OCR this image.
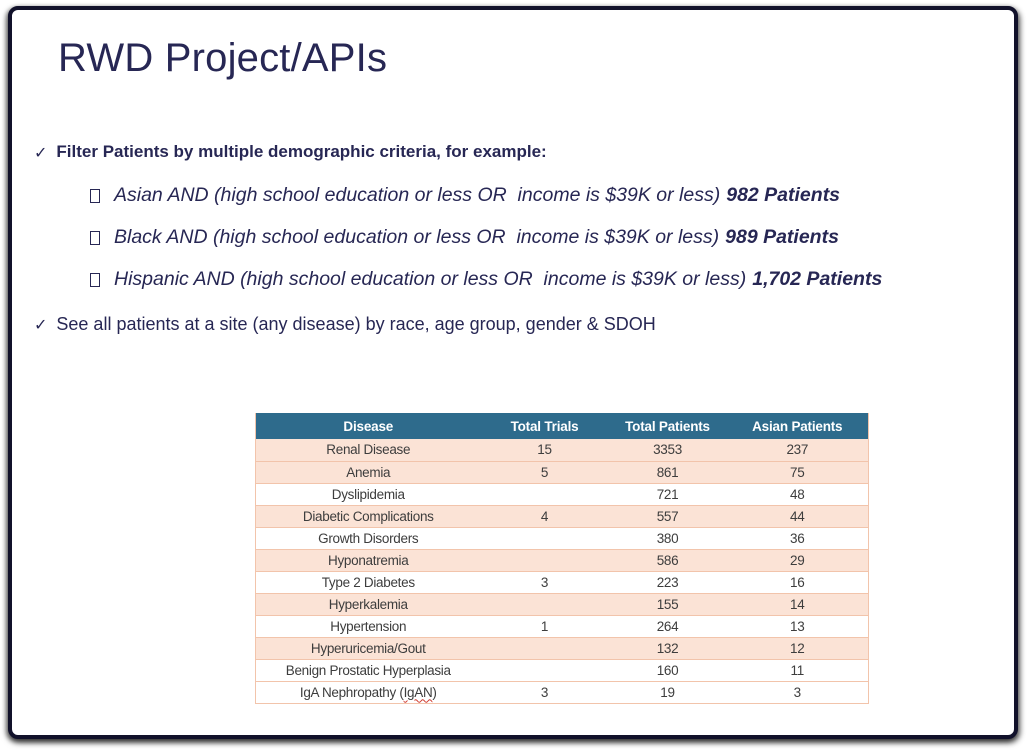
RWD Project/APIs
✓ Filter Patients by multiple demographic criteria, for example:
Asian AND (high school education or less OR  income is $39K or less) 982 Patients
Black AND (high school education or less OR  income is $39K or less) 989 Patients
Hispanic AND (high school education or less OR  income is $39K or less) 1,702 Patients
✓ See all patients at a site (any disease) by race, age group, gender & SDOH
Disease	Total Trials	Total Patients	Asian Patients
Renal Disease	15	3353	237
Anemia	5	861	75
Dyslipidemia		721	48
Diabetic Complications	4	557	44
Growth Disorders		380	36
Hyponatremia		586	29
Type 2 Diabetes	3	223	16
Hyperkalemia		155	14
Hypertension	1	264	13
Hyperuricemia/Gout		132	12
Benign Prostatic Hyperplasia		160	11
IgA Nephropathy (IgAN)	3	19	3
